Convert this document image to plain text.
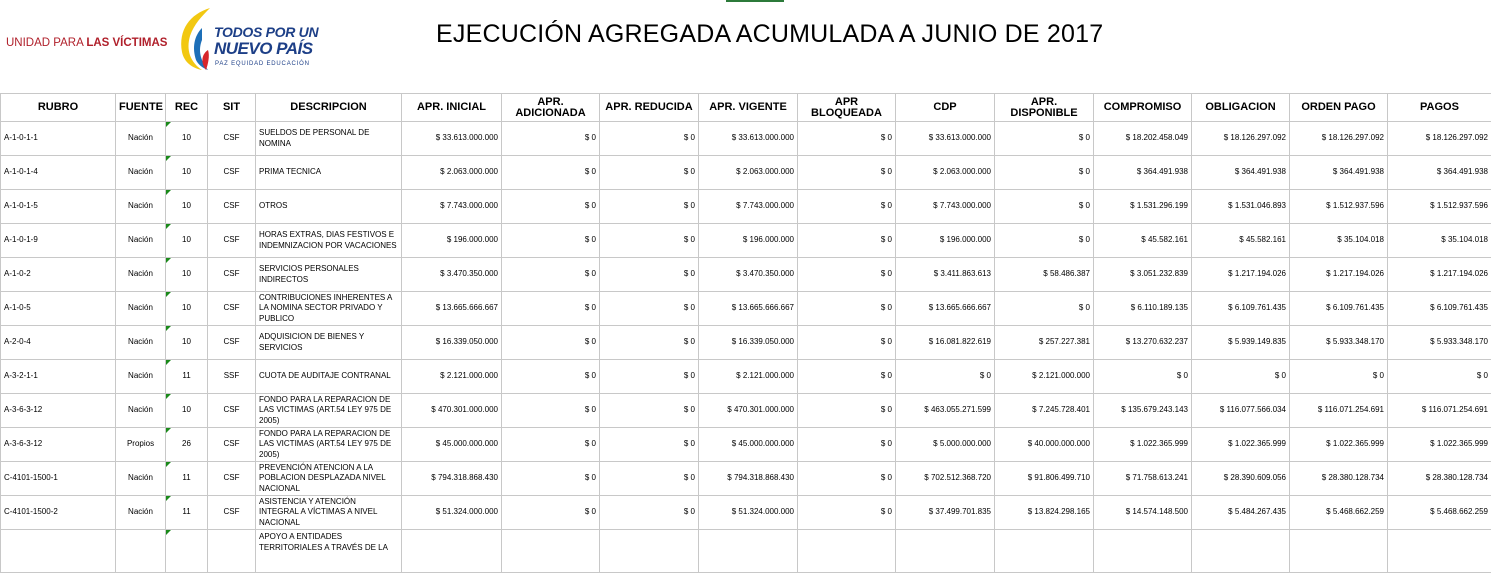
UNIDAD PARA LAS VÍCTIMAS
TODOS POR UN
NUEVO PAÍS
PAZ EQUIDAD EDUCACIÓN
EJECUCIÓN AGREGADA ACUMULADA A JUNIO DE 2017
RUBRO	FUENTE	REC	SIT	DESCRIPCION	APR. INICIAL	APR. ADICIONADA	APR. REDUCIDA	APR. VIGENTE	APR BLOQUEADA	CDP	APR. DISPONIBLE	COMPROMISO	OBLIGACION	ORDEN PAGO	PAGOS
A-1-0-1-1	Nación	10	CSF	SUELDOS DE PERSONAL DE NOMINA	$ 33.613.000.000	$ 0	$ 0	$ 33.613.000.000	$ 0	$ 33.613.000.000	$ 0	$ 18.202.458.049	$ 18.126.297.092	$ 18.126.297.092	$ 18.126.297.092
A-1-0-1-4	Nación	10	CSF	PRIMA TECNICA	$ 2.063.000.000	$ 0	$ 0	$ 2.063.000.000	$ 0	$ 2.063.000.000	$ 0	$ 364.491.938	$ 364.491.938	$ 364.491.938	$ 364.491.938
A-1-0-1-5	Nación	10	CSF	OTROS	$ 7.743.000.000	$ 0	$ 0	$ 7.743.000.000	$ 0	$ 7.743.000.000	$ 0	$ 1.531.296.199	$ 1.531.046.893	$ 1.512.937.596	$ 1.512.937.596
A-1-0-1-9	Nación	10	CSF	HORAS EXTRAS, DIAS FESTIVOS E INDEMNIZACION POR VACACIONES	$ 196.000.000	$ 0	$ 0	$ 196.000.000	$ 0	$ 196.000.000	$ 0	$ 45.582.161	$ 45.582.161	$ 35.104.018	$ 35.104.018
A-1-0-2	Nación	10	CSF	SERVICIOS PERSONALES INDIRECTOS	$ 3.470.350.000	$ 0	$ 0	$ 3.470.350.000	$ 0	$ 3.411.863.613	$ 58.486.387	$ 3.051.232.839	$ 1.217.194.026	$ 1.217.194.026	$ 1.217.194.026
A-1-0-5	Nación	10	CSF	CONTRIBUCIONES INHERENTES A LA NOMINA SECTOR PRIVADO Y PUBLICO	$ 13.665.666.667	$ 0	$ 0	$ 13.665.666.667	$ 0	$ 13.665.666.667	$ 0	$ 6.110.189.135	$ 6.109.761.435	$ 6.109.761.435	$ 6.109.761.435
A-2-0-4	Nación	10	CSF	ADQUISICION DE BIENES Y SERVICIOS	$ 16.339.050.000	$ 0	$ 0	$ 16.339.050.000	$ 0	$ 16.081.822.619	$ 257.227.381	$ 13.270.632.237	$ 5.939.149.835	$ 5.933.348.170	$ 5.933.348.170
A-3-2-1-1	Nación	11	SSF	CUOTA DE AUDITAJE CONTRANAL	$ 2.121.000.000	$ 0	$ 0	$ 2.121.000.000	$ 0	$ 0	$ 2.121.000.000	$ 0	$ 0	$ 0	$ 0
A-3-6-3-12	Nación	10	CSF	FONDO PARA LA REPARACION DE LAS VICTIMAS (ART.54 LEY 975 DE 2005)	$ 470.301.000.000	$ 0	$ 0	$ 470.301.000.000	$ 0	$ 463.055.271.599	$ 7.245.728.401	$ 135.679.243.143	$ 116.077.566.034	$ 116.071.254.691	$ 116.071.254.691
A-3-6-3-12	Propios	26	CSF	FONDO PARA LA REPARACION DE LAS VICTIMAS (ART.54 LEY 975 DE 2005)	$ 45.000.000.000	$ 0	$ 0	$ 45.000.000.000	$ 0	$ 5.000.000.000	$ 40.000.000.000	$ 1.022.365.999	$ 1.022.365.999	$ 1.022.365.999	$ 1.022.365.999
C-4101-1500-1	Nación	11	CSF	PREVENCIÓN ATENCION A LA POBLACION DESPLAZADA NIVEL NACIONAL	$ 794.318.868.430	$ 0	$ 0	$ 794.318.868.430	$ 0	$ 702.512.368.720	$ 91.806.499.710	$ 71.758.613.241	$ 28.390.609.056	$ 28.380.128.734	$ 28.380.128.734
C-4101-1500-2	Nación	11	CSF	ASISTENCIA Y ATENCIÓN INTEGRAL A VÍCTIMAS A NIVEL NACIONAL	$ 51.324.000.000	$ 0	$ 0	$ 51.324.000.000	$ 0	$ 37.499.701.835	$ 13.824.298.165	$ 14.574.148.500	$ 5.484.267.435	$ 5.468.662.259	$ 5.468.662.259
				APOYO A ENTIDADES TERRITORIALES A TRAVÉS DE LA											
